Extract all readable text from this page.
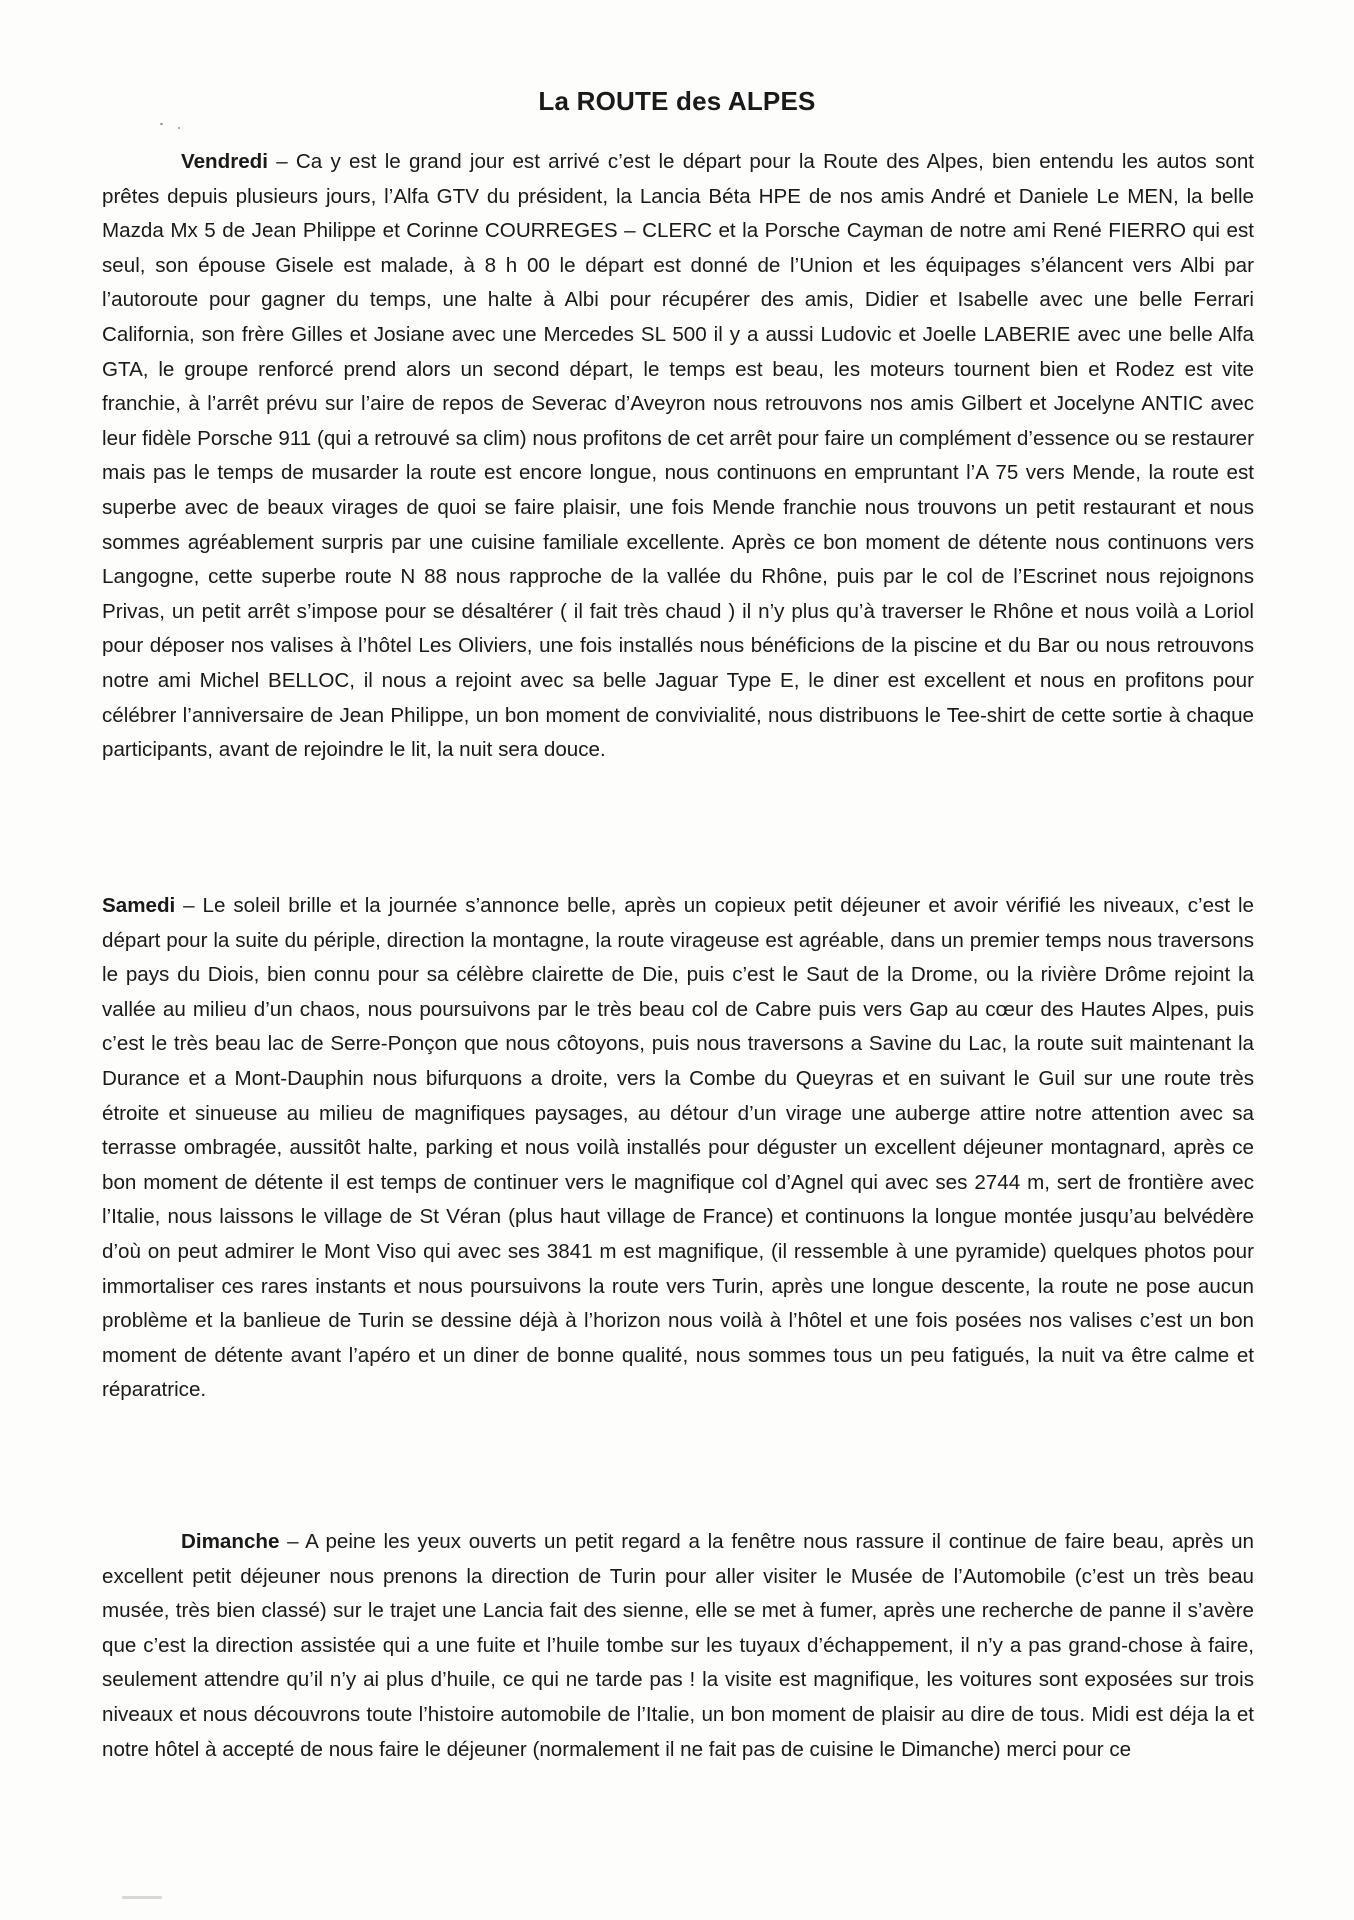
La ROUTE des ALPES

Vendredi – Ca y est le grand jour est arrivé c’est le départ pour la Route des Alpes, bien entendu les autos sont prêtes depuis plusieurs jours, l’Alfa GTV du président, la Lancia Béta HPE de nos amis André et Daniele Le MEN, la belle Mazda Mx 5 de Jean Philippe et Corinne COURREGES – CLERC et la Porsche Cayman de notre ami René FIERRO qui est seul, son épouse Gisele est malade, à 8 h 00 le départ est donné de l’Union et les équipages s’élancent vers Albi par l’autoroute pour gagner du temps, une halte à Albi pour récupérer des amis, Didier et Isabelle avec une belle Ferrari California, son frère Gilles et Josiane avec une Mercedes SL 500 il y a aussi Ludovic et Joelle LABERIE avec une belle Alfa GTA, le groupe renforcé prend alors un second départ, le temps est beau, les moteurs tournent bien et Rodez est vite franchie, à l’arrêt prévu sur l’aire de repos de Severac d’Aveyron nous retrouvons nos amis Gilbert et Jocelyne ANTIC avec leur fidèle Porsche 911 (qui a retrouvé sa clim) nous profitons de cet arrêt pour faire un complément d’essence ou se restaurer mais pas le temps de musarder la route est encore longue, nous continuons en empruntant l’A 75 vers Mende, la route est superbe avec de beaux virages de quoi se faire plaisir, une fois Mende franchie nous trouvons un petit restaurant et nous sommes agréablement surpris par une cuisine familiale excellente. Après ce bon moment de détente nous continuons vers Langogne, cette superbe route N 88 nous rapproche de la vallée du Rhône, puis par le col de l’Escrinet nous rejoignons Privas, un petit arrêt s’impose pour se désaltérer ( il fait très chaud ) il n’y plus qu’à traverser le Rhône et nous voilà a Loriol pour déposer nos valises à l’hôtel Les Oliviers, une fois installés nous bénéficions de la piscine et du Bar ou nous retrouvons notre ami Michel BELLOC, il nous a rejoint avec sa belle Jaguar Type E, le diner est excellent et nous en profitons pour célébrer l’anniversaire de Jean Philippe, un bon moment de convivialité, nous distribuons le Tee-shirt de cette sortie à chaque participants, avant de rejoindre le lit, la nuit sera douce.

Samedi – Le soleil brille et la journée s’annonce belle, après un copieux petit déjeuner et avoir vérifié les niveaux, c’est le départ pour la suite du périple, direction la montagne, la route virageuse est agréable, dans un premier temps nous traversons le pays du Diois, bien connu pour sa célèbre clairette de Die, puis c’est le Saut de la Drome, ou la rivière Drôme rejoint la vallée au milieu d’un chaos, nous poursuivons par le très beau col de Cabre puis vers Gap au cœur des Hautes Alpes, puis c’est le très beau lac de Serre-Ponçon que nous côtoyons, puis nous traversons a Savine du Lac, la route suit maintenant la Durance et a Mont-Dauphin nous bifurquons a droite, vers la Combe du Queyras et en suivant le Guil sur une route très étroite et sinueuse au milieu de magnifiques paysages, au détour d’un virage une auberge attire notre attention avec sa terrasse ombragée, aussitôt halte, parking et nous voilà installés pour déguster un excellent déjeuner montagnard, après ce bon moment de détente il est temps de continuer vers le magnifique col d’Agnel qui avec ses 2744 m, sert de frontière avec l’Italie, nous laissons le village de St Véran (plus haut village de France) et continuons la longue montée jusqu’au belvédère d’où on peut admirer le Mont Viso qui avec ses 3841 m est magnifique, (il ressemble à une pyramide) quelques photos pour immortaliser ces rares instants et nous poursuivons la route vers Turin, après une longue descente, la route ne pose aucun problème et la banlieue de Turin se dessine déjà à l’horizon nous voilà à l’hôtel et une fois posées nos valises c’est un bon moment de détente avant l’apéro et un diner de bonne qualité, nous sommes tous un peu fatigués, la nuit va être calme et réparatrice.

Dimanche – A peine les yeux ouverts un petit regard a la fenêtre nous rassure il continue de faire beau, après un excellent petit déjeuner nous prenons la direction de Turin pour aller visiter le Musée de l’Automobile (c’est un très beau musée, très bien classé) sur le trajet une Lancia fait des sienne, elle se met à fumer, après une recherche de panne il s’avère que c’est la direction assistée qui a une fuite et l’huile tombe sur les tuyaux d’échappement, il n’y a pas grand-chose à faire, seulement attendre qu’il n’y ai plus d’huile, ce qui ne tarde pas ! la visite est magnifique, les voitures sont exposées sur trois niveaux et nous découvrons toute l’histoire automobile de l’Italie, un bon moment de plaisir au dire de tous. Midi est déja la et notre hôtel à accepté de nous faire le déjeuner (normalement il ne fait pas de cuisine le Dimanche) merci pour ce
